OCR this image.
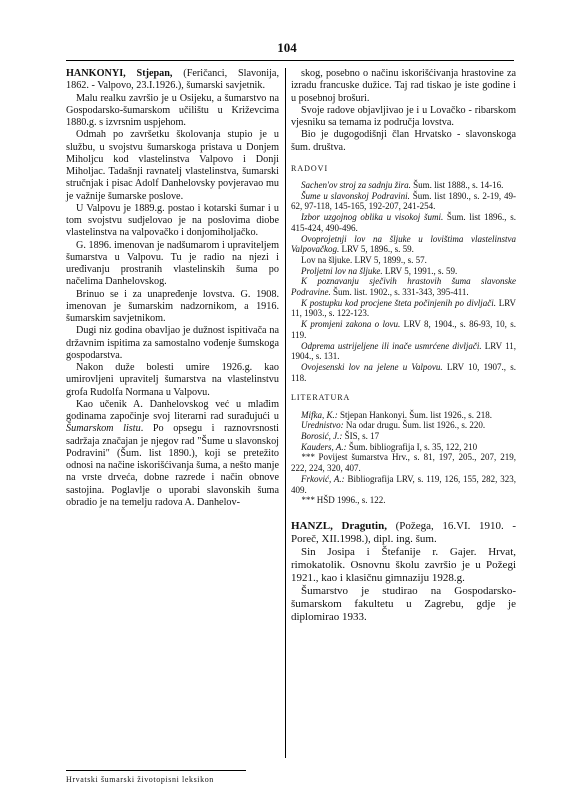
104

HANKONYI, Stjepan, (Feričanci, Slavonija, 1862. - Valpovo, 23.I.1926.), šumarski savjetnik.

Malu realku završio je u Osijeku, a šumarstvo na Gospodarsko-šumarskom učilištu u Križevcima 1880.g. s izvrsnim uspjehom.

Odmah po završetku školovanja stupio je u službu, u svojstvu šumarskoga pristava u Donjem Miholjcu kod vlastelinstva Valpovo i Donji Miholjac. Tadašnji ravnatelj vlastelinstva, šumarski stručnjak i pisac Adolf Danhelovsky povjeravao mu je važnije šumarske poslove.

U Valpovu je 1889.g. postao i kotarski šumar i u tom svojstvu sudjelovao je na poslovima diobe vlastelinstva na valpovačko i donjomiholjačko.

G. 1896. imenovan je nadšumarom i upraviteljem šumarstva u Valpovu. Tu je radio na njezi i uređivanju prostranih vlastelinskih šuma po načelima Danhelovskog.

Brinuo se i za unapređenje lovstva. G. 1908. imenovan je šumarskim nadzornikom, a 1916. šumarskim savjetnikom.

Dugi niz godina obavljao je dužnost ispitivača na državnim ispitima za samostalno vođenje šumskoga gospodarstva.

Nakon duže bolesti umire 1926.g. kao umirovljeni upravitelj šumarstva na vlastelinstvu grofa Rudolfa Normana u Valpovu.

Kao učenik A. Danhelovskog već u mlađim godinama započinje svoj literarni rad surađujući u Šumarskom listu. Po opsegu i raznovrsnosti sadržaja značajan je njegov rad "Šume u slavonskoj Podravini" (Šum. list 1890.), koji se pretežito odnosi na načine iskorišćivanja šuma, a nešto manje na vrste drveća, dobne razrede i način obnove sastojina. Poglavlje o uporabi slavonskih šuma obradio je na temelju radova A. Danhelov-

skog, posebno o načinu iskorišćivanja hrastovine za izradu francuske dužice. Taj rad tiskao je iste godine i u posebnoj brošuri.

Svoje radove objavljivao je i u Lovačko - ribarskom vjesniku sa temama iz područja lovstva.

Bio je dugogodišnji član Hrvatsko - slavonskoga šum. društva.

RADOVI

Sachen'ov stroj za sadnju žira. Šum. list 1888., s. 14-16.

Šume u slavonskoj Podravini. Šum. list 1890., s. 2-19, 49-62, 97-118, 145-165, 192-207, 241-254.

Izbor uzgojnog oblika u visokoj šumi. Šum. list 1896., s. 415-424, 490-496.

Ovoprojetnji lov na šljuke u lovištima vlastelinstva Valpovačkog. LRV 5, 1896., s. 59.

Lov na šljuke. LRV 5, 1899., s. 57.

Proljetni lov na šljuke. LRV 5, 1991., s. 59.

K poznavanju sječivih hrastovih šuma slavonske Podravine. Šum. list. 1902., s. 331-343, 395-411.

K postupku kod procjene šteta počinjenih po divljači. LRV 11, 1903., s. 122-123.

K promjeni zakona o lovu. LRV 8, 1904., s. 86-93, 10, s. 119.

Odprema ustrijeljene ili inače usmrćene divljači. LRV 11, 1904., s. 131.

Ovojesenski lov na jelene u Valpovu. LRV 10, 1907., s. 118.

LITERATURA

Mifka, K.: Stjepan Hankonyi. Šum. list 1926., s. 218.

Urednistvo: Na odar drugu. Šum. list 1926., s. 220.

Borosić, J.: ŠIS, s. 17

Kauders, A.: Šum. bibliografija I, s. 35, 122, 210

*** Povijest šumarstva Hrv., s. 81, 197, 205., 207, 219, 222, 224, 320, 407.

Frković, A.: Bibliografija LRV, s. 119, 126, 155, 282, 323, 409.

*** HŠD 1996., s. 122.

HANZL, Dragutin, (Požega, 16.VI. 1910. - Poreč, XII.1998.), dipl. ing. šum.

Sin Josipa i Štefanije r. Gajer. Hrvat, rimokatolik. Osnovnu školu završio je u Požegi 1921., kao i klasičnu gimnaziju 1928.g.

Šumarstvo je studirao na Gospodarsko-šumarskom fakultetu u Zagrebu, gdje je diplomirao 1933.

Hrvatski šumarski životopisni leksikon
